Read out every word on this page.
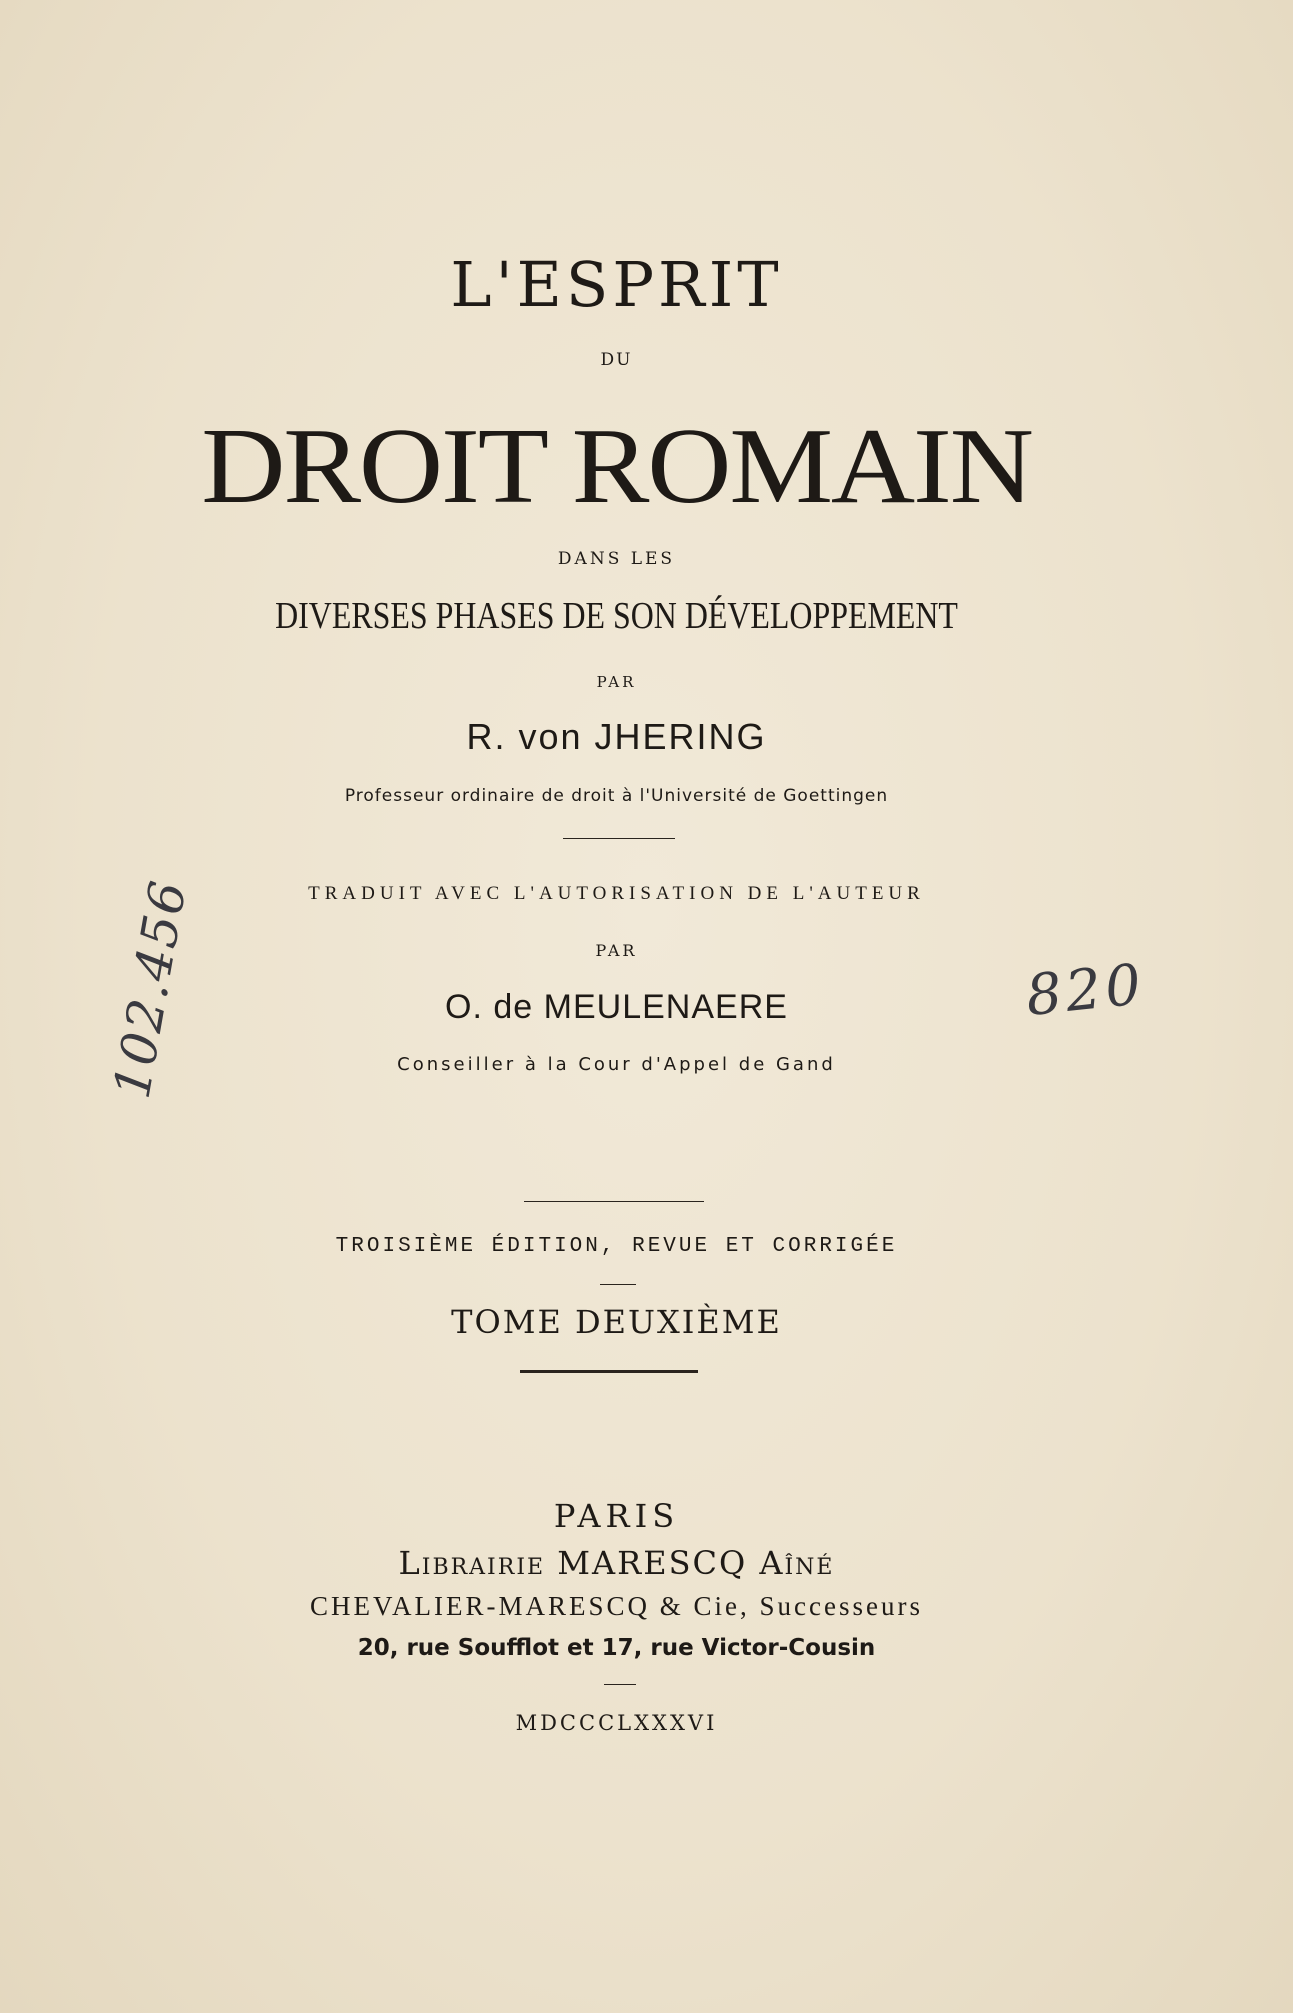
L'ESPRIT
DU
DROIT ROMAIN
DANS LES
DIVERSES PHASES DE SON DÉVELOPPEMENT
PAR
R. von JHERING
Professeur ordinaire de droit à l'Université de Goettingen
TRADUIT AVEC L'AUTORISATION DE L'AUTEUR
PAR
O. de MEULENAERE
Conseiller à la Cour d'Appel de Gand
TROISIÈME ÉDITION, REVUE ET CORRIGÉE
TOME DEUXIÈME
PARIS
Librairie MARESCQ Aîné
CHEVALIER-MARESCQ & Cie, Successeurs
20, rue Soufflot et 17, rue Victor-Cousin
MDCCCLXXXVI
102.456	820
